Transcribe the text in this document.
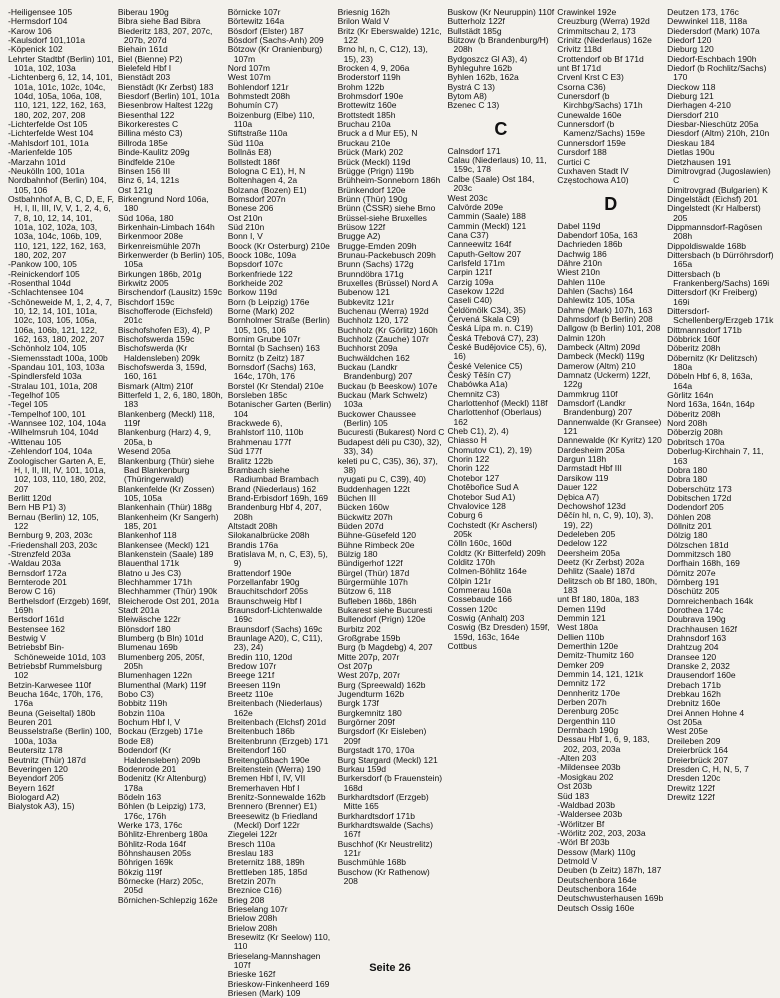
-Heiligensee 105
-Hermsdorf 104
-Karow 106
-Kaulsdorf 101,101a
-Köpenick 102
Lehrter Stadtbf (Berlin) 101, 101a, 102, 103a
-Lichtenberg 6, 12, 14, 101, 101a, 101c, 102c, 104c, 104d, 105a, 106a, 108, 110, 121, 122, 162, 163, 180, 202, 207, 208
-Lichterfelde Ost 105
-Lichterfelde West 104
-Mahlsdorf 101, 101a
-Marienfelde 105
-Marzahn 101d
-Neukölln 100, 101a
Nordbahnhof (Berlin) 104, 105, 106
Ostbahnhof A, B, C, D, E, F, H, I, II, III, IV, V, 1, 2, 4, 6, 7, 8, 10, 12, 14, 101, 101a, 102, 102a, 103, 103a, 104c, 106b, 109, 110, 121, 122, 162, 163, 180, 202, 207
-Pankow 100, 105
-Reinickendorf 105
-Rosenthal 104d
-Schlachtensee 104
-Schöneweide M, 1, 2, 4, 7, 10, 12, 14, 101, 101a, 102c, 103, 105, 105a, 106a, 106b, 121, 122, 162, 163, 180, 202, 207
-Schönholz 104, 105
-Siemensstadt 100a, 100b
-Spandau 101, 103, 103a
-Spindlersfeld 103a
-Stralau 101, 101a, 208
-Tegelhof 105
-Tegel 105
-Tempelhof 100, 101
-Wannsee 102, 104, 104a
-Wilhelmsruh 104, 104d
-Wittenau 105
-Zehlendorf 104, 104a
Zoologischer Garten A, E, H, I, II, III, IV, 101, 101a, 102, 103, 110, 180, 202, 207
Berlitt 120d
Bern HB P1) 3)
Bernau (Berlin) 12, 105, 122
Bernburg 9, 203, 203c
-Friedenshall 203, 203c
-Strenzfeld 203a
-Waldau 203a
Bernsdorf 172a
Bernterode 201
Berow C 16)
Berthelsdorf (Erzgeb) 169f, 169h
Bertsdorf 161d
Bestensee 162
Bestwig V
Betriebsbf Bin-Schöneweide 101d, 103
Betriebsbf Rummelsburg 102
Betzin-Karwesee 110f
Beucha 164c, 170h, 176, 176a
Beuna (Geiseltal) 180b
Beuren 201
Beusselstraße (Berlin) 100, 100a, 103a
Beutersitz 178
Beutnitz (Thür) 187d
Beveringen 120
Beyendorf 205
Beyern 162f
Biologard A2)
Bialystok A3), 15)
Biberau 190g
Bibra siehe Bad Bibra
Biederitz 183, 207, 207c, 207b, 207d
Biehain 161d
Biel (Bienne) P2)
Bielefeld Hbf I
Bienstädt 203
Bienstädt (Kr Zerbst) 183
Biesdorf (Berlin) 101, 101a
Biesenbrow Haltest 122g
Biesenthal 122
Bikorkerestes C
Billina mésto C3)
Billroda 185e
Binde-Kaulitz 209g
Bindfelde 210e
Binsen 156 III
Binz 6, 14, 121s
Ost 121g
Birkengrund Nord 106a, 180
Süd 106a, 180
Birkenhain-Limbach 164h
Birkenmoor 208e
Birkenreismühle 207h
Birkenwerder (b Berlin) 105, 105a
Birkungen 186b, 201g
Birkwitz 2005
Birschendorf (Lausitz) 159c
Bischdorf 159c
Bischofferode (Eichsfeld) 201c
Bischofshofen E3), 4), P
Bischofswerda 159c
Bischofswerda (Kr Haldensleben) 209k
Bischofswerda 3, 159d, 160, 161
Bismark (Altm) 210f
Bitterfeld 1, 2, 6, 180, 180h, 183
Blankenberg (Meckl) 118, 119f
Blankenburg (Harz) 4, 9, 205a, b
Wesend 205a
Blankenburg (Thür) siehe Bad Blankenburg (Thüringerwald)
Blankenfelde (Kr Zossen) 105, 105a
Blankenhain (Thür) 188g
Blankenheim (Kr Sangerh) 185, 201
Blankenhof 118
Blankensee (Meckl) 121
Blankenstein (Saale) 189
Blauenthal 171k
Blatno u Jes C3)
Blechhammer 171h
Blechhammer (Thür) 190k
Bleicherode Ost 201, 201a
Stadt 201a
Bleiwäsche 122r
Blönsdorf 180
Blumberg (b Bln) 101d
Blumenau 169b
Blumenberg 205, 205f, 205h
Blumenhagen 122n
Blumenthal (Mark) 119f
Bobo C3)
Bobbitz 119h
Bobzin 110a
Bochum Hbf I, V
Bockau (Erzgeb) 171e
Bode E8)
Bodendorf (Kr Haldensleben) 209b
Bodenrode 201
Bodenitz (Kr Altenburg) 178a
Bödeln 163
Böhlen (b Leipzig) 173, 176c, 176h
Werke 173, 176c
Böhlitz-Ehrenberg 180a
Böhlitz-Roda 164f
Böhnshausen 205s
Böhrigen 169k
Bökzig 119f
Börnecke (Harz) 205c, 205d
Börnichen-Schlepzig 162e
Börnicke 107r
Börtewitz 164a
Bösdorf (Elster) 187
Bösdorf (Sachs-Anh) 209
Bötzow (Kr Oranienburg) 107m
Nord 107m
West 107m
Bohlendorf 121r
Bohmstedt 208h
Bohumín C7)
Boizenburg (Elbe) 110, 110a
Stiftstraße 110a
Süd 110a
Bollnäs E8)
Bollstedt 186f
Bologna C E1), H, N
Boltenhagen 4, 2a
Bolzana (Bozen) E1)
Bomsdorf 207n
Bonese 206
Ost 210n
Süd 210n
Bonn I, V
Boock (Kr Osterburg) 210e
Boock 108c, 109a
Bopsdorf 107c
Borkenfriede 122
Borkheide 202
Borkow 119d
Born (b Leipzig) 176e
Borne (Mark) 202
Bornholmer Straße (Berlin) 105, 105, 106
Bornim Grube 107r
Borntal (b Sachsen) 163
Bornitz (b Zeitz) 187
Bornsdorf (Sachs) 163, 164c, 170h, 176
Borstel (Kr Stendal) 210e
Borsleben 185c
Botanischer Garten (Berlin) 104
Brackwede 6),
Brahlstorf 110, 110b
Brahmenau 177f
Süd 177f
Bralitz 122b
Brambach siehe Radiumbad Brambach
Brand (Niederlaus) 162
Brand-Erbisdorf 169h, 169
Brandenburg Hbf 4, 207, 208h
Altstadt 208h
Silokanalbrücke 208h
Brandis 176a
Bratislava M, n, C, E3), 5), 9)
Brattendorf 190e
Porzellanfabr 190g
Brauchitschdorf 205s
Braunschweig Hbf I
Braunsdorf-Lichtenwalde 169c
Braunsdorf (Sachs) 169c
Braunlage A20), C, C11), 23), 24)
Bredin 110, 120d
Bredow 107r
Breege 121f
Breesen 119n
Breetz 110e
Breitenbach (Niederlaus) 162e
Breitenbach (Elchsf) 201d
Breitenbuch 186b
Breitenbrunn (Erzgeb) 171
Breitendorf 160
Breitengüßbach 190e
Breitenstein (Werra) 190
Bremen Hbf I, IV, VII
Bremerhaven Hbf I
Brenitz-Sonnewalde 162b
Brennero (Brenner) E1)
Breesewitz (b Friedland (Meckl) Dorf 122r
Ziegelei 122r
Bresch 110a
Breslau 183
Breternitz 188, 189h
Brettleben 185, 185d
Bretzin 207h
Breznice C16)
Brieg 208
Brieselang 107r
Brielow 208h
Brielow 208h
Bresewitz (Kr Seelow) 110, 110
Brieselang-Mannshagen 107f
Brieske 162f
Brieskow-Finkenheerd 169
Briesen (Mark) 109
Briesnig 162h
Brilon Wald V
Britz (Kr Eberswalde) 121c, 122
Brno hl, n, C, C12), 13), 15), 23)
Brocken 4, 9, 206a
Broderstorf 119h
Brohm 122b
Brohmsdorf 190e
Brottewitz 160e
Brottstedt 185h
Bruchau 210a
Bruck a d Mur E5), N
Bruckau 210e
Brück (Mark) 202
Brück (Meckl) 119d
Brügge (Prign) 119b
Brühheim-Sonneborn 186h
Brünkendorf 120e
Brünn (Thür) 190g
Brünn (ČSSR) siehe Brno
Brüssel-siehe Bruxelles
Brüsow 122f
Brugge A2)
Brugge-Emden 209h
Brunau-Packebusch 209h
Brunn (Sachs) 172g
Brunndöbra 171g
Bruxelles (Brüssel) Nord A
Bubenow 121
Bubkevitz 121r
Buchenau (Werra) 192d
Buchholz 120, 172
Buchholz (Kr Görlitz) 160h
Buchholz (Zauche) 107r
Buchhorst 209a
Buchwäldchen 162
Buckau (Landkr Brandenburg) 207
Buckau (b Beeskow) 107e
Buckau (Mark Schwelz) 103a
Buckower Chaussee (Berlin) 105
Bucuresti (Bukarest) Nord C
Budapest déli pu C30), 32), 33), 34)
keleti pu C, C35), 36), 37), 38)
nyugati pu C, C39), 40)
Buddenhagen 122t
Büchen III
Bücken 160w
Bückwitz 207h
Büden 207d
Bühne-Güsefeld 120
Bühne Rimbeck 20e
Bülzig 180
Bündigerhof 122f
Bürgel (Thür) 187d
Bürgermühle 107h
Bützow 6, 118
Bufleben 186b, 186h
Bukarest siehe Bucuresti
Bullendorf (Prign) 120e
Burbitz 202
Großgrabe 159b
Burg (b Magdebg) 4, 207
Mitte 207p, 207r
Ost 207p
West 207p, 207r
Burg (Spreewald) 162b
Jugendturm 162b
Burgk 173f
Burgkemnitz 180
Burgörner 209f
Burgsdorf (Kr Eisleben) 209f
Burgstadt 170, 170a
Burg Stargard (Meckl) 121
Burkau 159d
Burkersdorf (b Frauenstein) 168d
Burkhardtsdorf (Erzgeb) Mitte 165
Burkhardtsdorf 171b
Burkhardtswalde (Sachs) 167f
Buschhof (Kr Neustrelitz) 121r
Buschmühle 168b
Buschow (Kr Rathenow) 208
Buskow (Kr Neuruppin) 110f
Butterholz 122f
Bullstädt 185g
Bützow (b Brandenburg/H) 208h
Bydgoszcz Gl A3), 4)
Byhleguhre 162b
Byhlen 162b, 162a
Bystrá C 13)
Bytom A8)
Bzenec C 13)
C
Calnsdorf 171
Calau (Niederlaus) 10, 11, 159c, 178
Calbe (Saale) Ost 184, 203c
West 203c
Calvörde 209e
Cammin (Saale) 188
Cammin (Meckl) 121
Cana C37)
Canneewitz 164f
Caputh-Geltow 207
Carlsfeld 171m
Carpin 121f
Carzig 109a
Casekow 122d
Caseli C40)
Čeldömölk C34), 35)
Červená Skala C9)
Česká Lípa m. n. C19)
Česká Třebová C7), 23)
České Budějovice C5), 6), 16)
České Velenice C5)
Český Těšín C7)
Chabówka A1a)
Chemnitz C3)
Charlottenhof (Meckl) 118f
Charlottenhof (Oberlaus) 162
Cheb C1), 2), 4)
Chiasso H
Chomutov C1), 2), 19)
Chorin 122
Chorin 122
Chotebor 127
Chotěbořice Sud A
Chotebor Sud A1)
Chvalovice 128
Coburg 6
Cochstedt (Kr Aschersl) 205k
Cölln 160c, 160d
Coldtz (Kr Bitterfeld) 209h
Colditz 170h
Colmen-Böhlitz 164e
Cölpin 121r
Commerau 160a
Cossebaude 166
Cossen 120c
Coswig (Anhalt) 203
Coswig (Bz Dresden) 159f, 159d, 163c, 164e
Cottbus
Crawinkel 192e
Creuzburg (Werra) 192d
Crimmitschau 2, 173
Crinitz (Niederlaus) 162e
Crivitz 118d
Crottendorf ob Bf 171d
unt Bf 171d
Crvenl Krst C E3)
Csorna C36)
Cunersdorf (b Kirchbg/Sachs) 171h
Cunewalde 160e
Cunnersdorf (b Kamenz/Sachs) 159e
Cunnersdorf 159e
Cursdorf 188
Curtici C
Cuxhaven Stadt IV
Częstochowa A10)
D
Dabel 119d
Dabendorf 105a, 163
Dachrieden 186b
Dachwig 186
Dähre 210n
Wiest 210n
Dahlen 110e
Dahlen (Sachs) 164
Dahlewitz 105, 105a
Dahme (Mark) 107h, 163
Dahmsdorf (b Berlin) 208
Dallgow (b Berlin) 101, 208
Dalmin 120h
Dambeck (Altm) 209d
Dambeck (Meckl) 119g
Damerow (Altm) 210
Damnatz (Uckerm) 122f, 122g
Dammkrug 110f
Damsdorf (Landkr Brandenburg) 207
Dannenwalde (Kr Gransee) 121
Dannewalde (Kr Kyritz) 120
Dardesheim 205a
Dargun 118h
Darmstadt Hbf III
Darsikow 119
Dauer 122
Dębica A7)
Dechowshof 123d
Děčín hl, n, C, 9), 10), 3), 19), 22)
Dedeleben 205
Dedelow 122
Deersheim 205a
Deetz (Kr Zerbst) 202a
Dehlitz (Saale) 187d
Delitzsch ob Bf 180, 180h, 183
unt Bf 180, 180a, 183
Demen 119d
Demmin 121
West 180a
Dellien 110b
Demerthin 120e
Demitz-Thumitz 160
Demker 209
Demmin 14, 121, 121k
Demnitz 172
Dennheritz 170e
Derben 207h
Derenburg 205c
Dergenthin 110
Dermbach 190g
Dessau Hbf 1, 6, 9, 183, 202, 203, 203a
-Alten 203
-Mildensee 203b
-Mosigkau 202
Ost 203b
Süd 183
-Waldbad 203b
-Waldersee 203b
-Wörlitzer Bf
-Wörlitz 202, 203, 203a
-Wörl Bf 203b
Dessow (Mark) 110g
Detmold V
Deuben (b Zeitz) 187h, 187
Deutschenbora 164e
Deutschenbora 164e
Deutschwusterhausen 169b
Deutsch Ossig 160e
Deutzen 173, 176c
Dewwinkel 118, 118a
Diedersdorf (Mark) 107a
Diedorf 120
Dieburg 120
Diedorf-Eschbach 190h
Diedorf (b Rochlitz/Sachs) 170
Dieckow 118
Dieburg 121
Dierhagen 4-210
Diersdorf 210
Diesbar-Nieschütz 205a
Diesdorf (Altm) 210h, 210n
Dieskau 184
Dietlas 190u
Dietzhausen 191
Dimitrovgrad (Jugoslawien) C
Dimitrovgrad (Bulgarien) K
Dingelstädt (Eichsf) 201
Dingelstedt (Kr Halberst) 205
Dippmannsdorf-Ragösen 208h
Dippoldiswalde 168b
Dittersbach (b Dürröhrsdorf) 165a
Dittersbach (b Frankenberg/Sachs) 169i
Dittersdorf (Kr Freiberg) 169i
Dittersdorf-Schellenberg/Erzgeb 171k
Dittmannsdorf 171b
Döbbrick 160f
Döberitz 208h
Döbernitz (Kr Delitzsch) 180a
Döbeln Hbf 6, 8, 163a, 164a
Görlitz 164n
Nord 163a, 164n, 164p
Döberitz 208h
Nord 208h
Döberzig 208h
Dobritsch 170a
Doberlug-Kirchhain 7, 11, 163
Dobra 180
Dobra 180
Doberschütz 173
Dobitschen 172d
Dodendorf 205
Döhlen 208
Döllnitz 201
Dölzig 180
Dölzschen 181d
Dommitzsch 180
Dorfhain 168h, 169
Dörnitz 207e
Dörnberg 191
Döschütz 205
Dornreichenbach 164k
Dorothea 174c
Doubrava 190g
Drachhausen 162f
Drahnsdorf 163
Drahtzug 204
Dransee 120
Dranske 2, 2032
Drausendorf 160e
Drebach 171b
Drebkau 162h
Drebnitz 160e
Drei Annen Hohne 4
Ost 205a
West 205e
Dreileben 209
Dreierbrück 164
Dreierbrück 207
Dresden C, H, N, 5, 7
Dresden 120c
Drewitz 122f
Drewitz 122f
Seite 26
